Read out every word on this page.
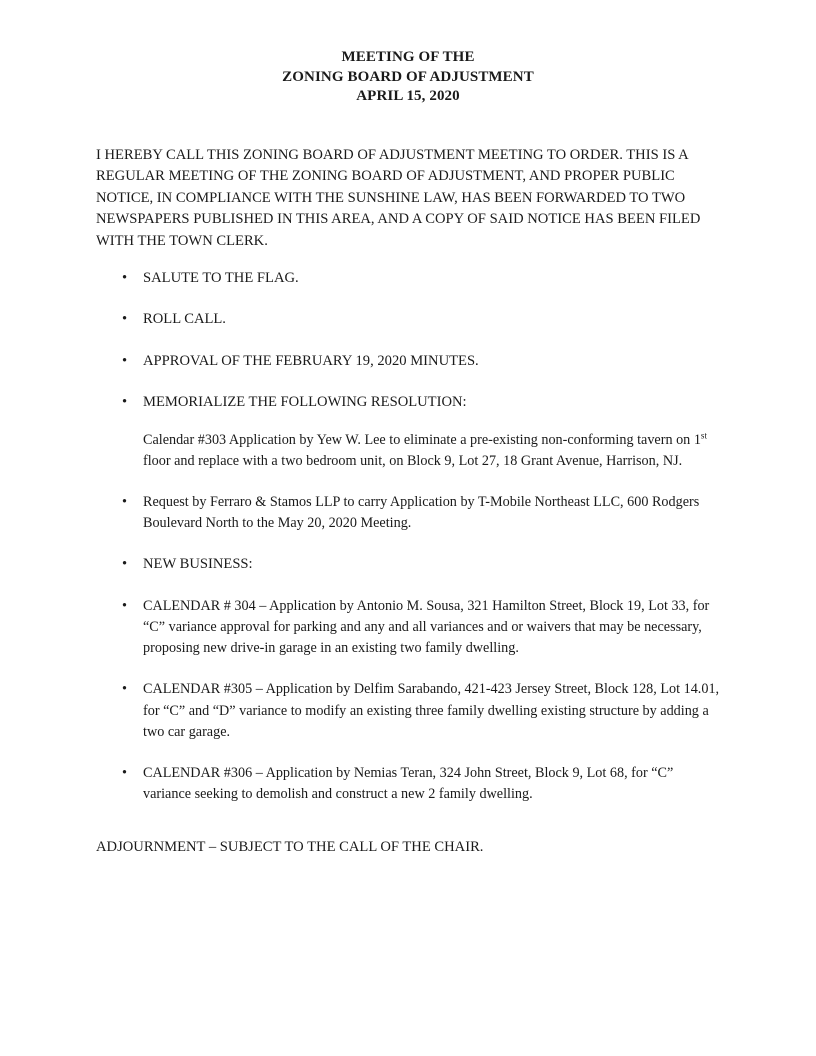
MEETING OF THE
ZONING BOARD OF ADJUSTMENT
APRIL 15, 2020

I HEREBY CALL THIS ZONING BOARD OF ADJUSTMENT MEETING TO ORDER. THIS IS A REGULAR MEETING OF THE ZONING BOARD OF ADJUSTMENT, AND PROPER PUBLIC NOTICE, IN COMPLIANCE WITH THE SUNSHINE LAW, HAS BEEN FORWARDED TO TWO NEWSPAPERS PUBLISHED IN THIS AREA, AND A COPY OF SAID NOTICE HAS BEEN FILED WITH THE TOWN CLERK.

• SALUTE TO THE FLAG.
• ROLL CALL.
• APPROVAL OF THE FEBRUARY 19, 2020 MINUTES.
• MEMORIALIZE THE FOLLOWING RESOLUTION:

Calendar #303 Application by Yew W. Lee to eliminate a pre-existing non-conforming tavern on 1st floor and replace with a two bedroom unit, on Block 9, Lot 27, 18 Grant Avenue, Harrison, NJ.

• Request by Ferraro & Stamos LLP to carry Application by T-Mobile Northeast LLC, 600 Rodgers Boulevard North to the May 20, 2020 Meeting.
• NEW BUSINESS:
• CALENDAR # 304 – Application by Antonio M. Sousa, 321 Hamilton Street, Block 19, Lot 33, for “C” variance approval for parking and any and all variances and or waivers that may be necessary, proposing new drive-in garage in an existing two family dwelling.
• CALENDAR #305 – Application by Delfim Sarabando, 421-423 Jersey Street, Block 128, Lot 14.01, for “C” and “D” variance to modify an existing three family dwelling existing structure by adding a two car garage.
• CALENDAR #306 – Application by Nemias Teran, 324 John Street, Block 9, Lot 68, for “C” variance seeking to demolish and construct a new 2 family dwelling.

ADJOURNMENT – SUBJECT TO THE CALL OF THE CHAIR.
